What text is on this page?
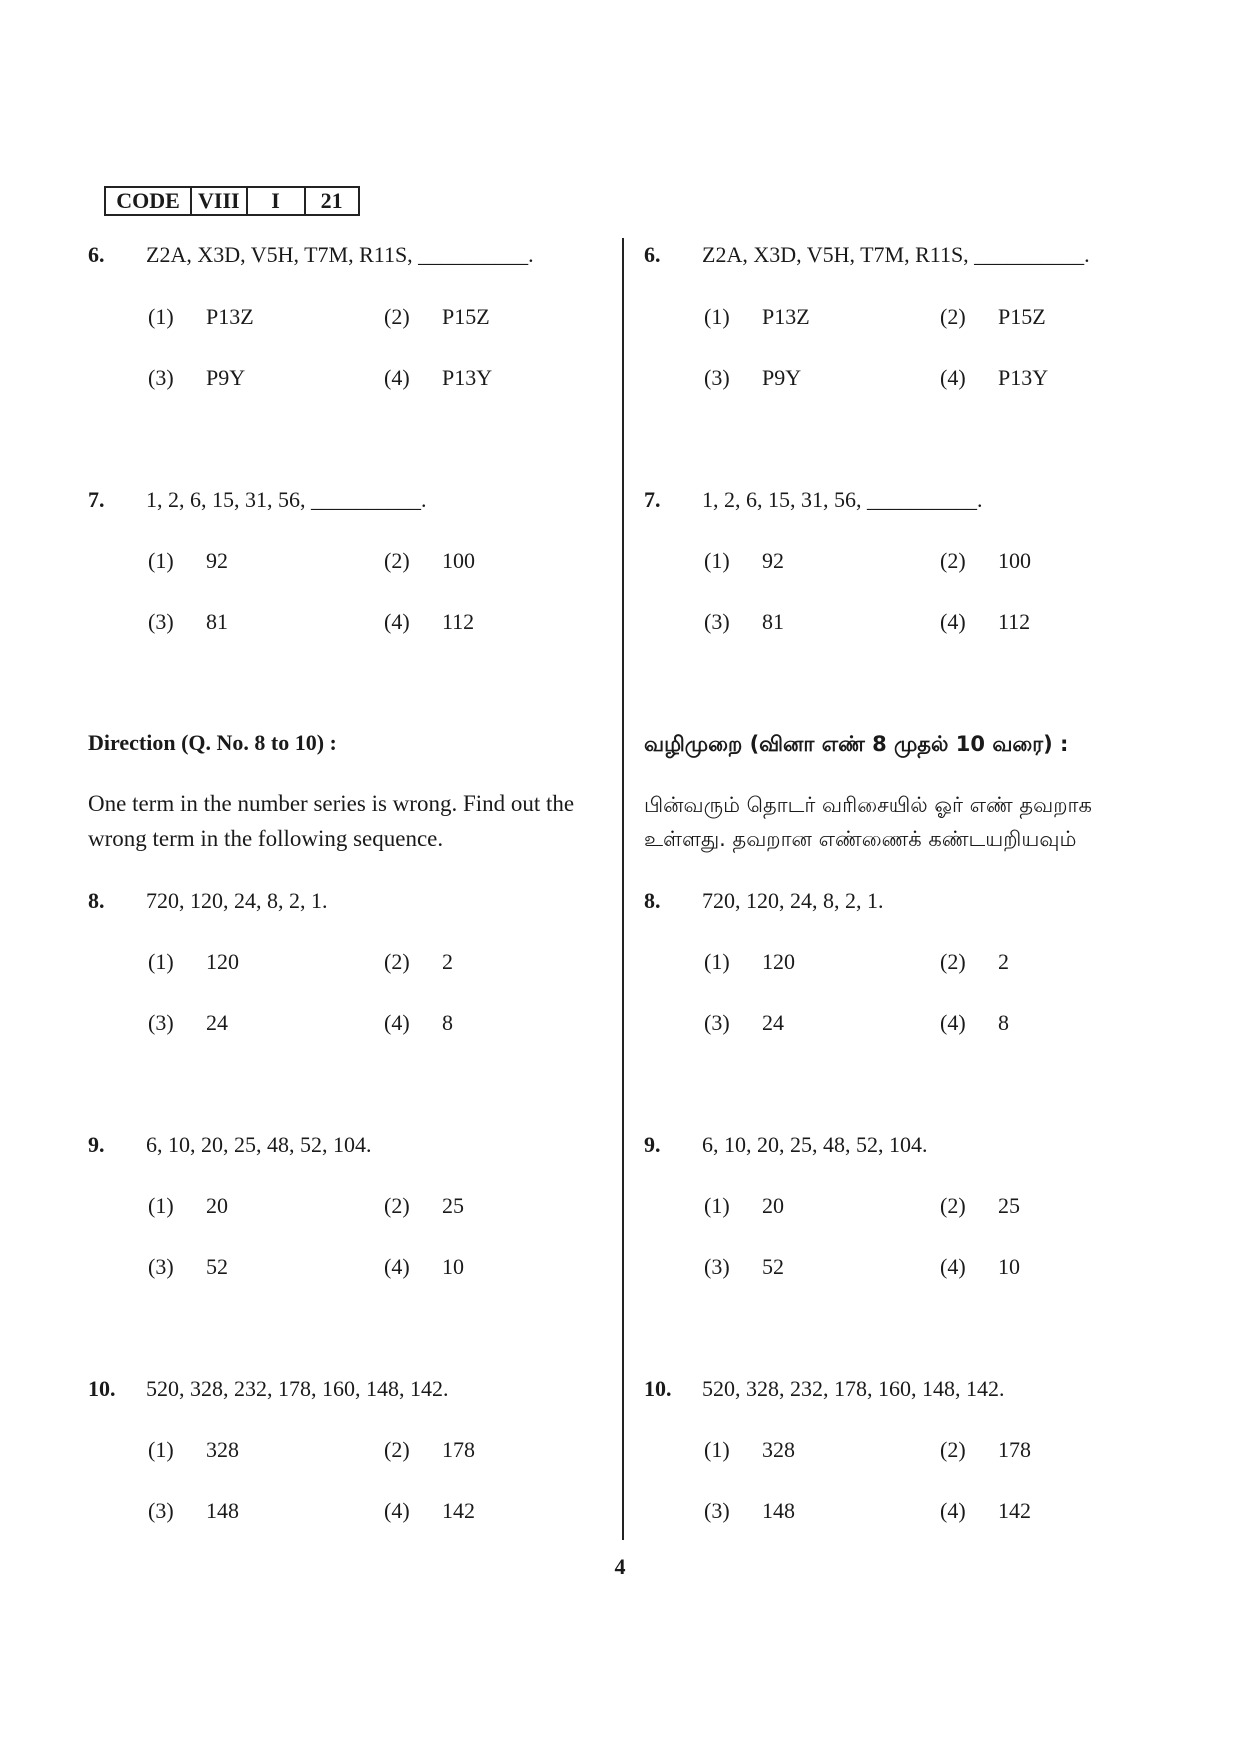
CODE	VIII	I	21
6. Z2A, X3D, V5H, T7M, R11S, __________.
(1) P13Z	(2) P15Z
(3) P9Y	(4) P13Y
7. 1, 2, 6, 15, 31, 56, __________.
(1) 92	(2) 100
(3) 81	(4) 112
Direction (Q. No. 8 to 10) :
One term in the number series is wrong. Find out the wrong term in the following sequence.
8. 720, 120, 24, 8, 2, 1.
(1) 120	(2) 2
(3) 24	(4) 8
9. 6, 10, 20, 25, 48, 52, 104.
(1) 20	(2) 25
(3) 52	(4) 10
10. 520, 328, 232, 178, 160, 148, 142.
(1) 328	(2) 178
(3) 148	(4) 142
6. Z2A, X3D, V5H, T7M, R11S, __________.
(1) P13Z	(2) P15Z
(3) P9Y	(4) P13Y
7. 1, 2, 6, 15, 31, 56, __________.
(1) 92	(2) 100
(3) 81	(4) 112
வழிமுறை (வினா எண் 8 முதல் 10 வரை) :
பின்வரும் தொடர் வரிசையில் ஓர் எண் தவறாக உள்ளது. தவறான எண்ணைக் கண்டயறியவும்
8. 720, 120, 24, 8, 2, 1.
(1) 120	(2) 2
(3) 24	(4) 8
9. 6, 10, 20, 25, 48, 52, 104.
(1) 20	(2) 25
(3) 52	(4) 10
10. 520, 328, 232, 178, 160, 148, 142.
(1) 328	(2) 178
(3) 148	(4) 142
4
